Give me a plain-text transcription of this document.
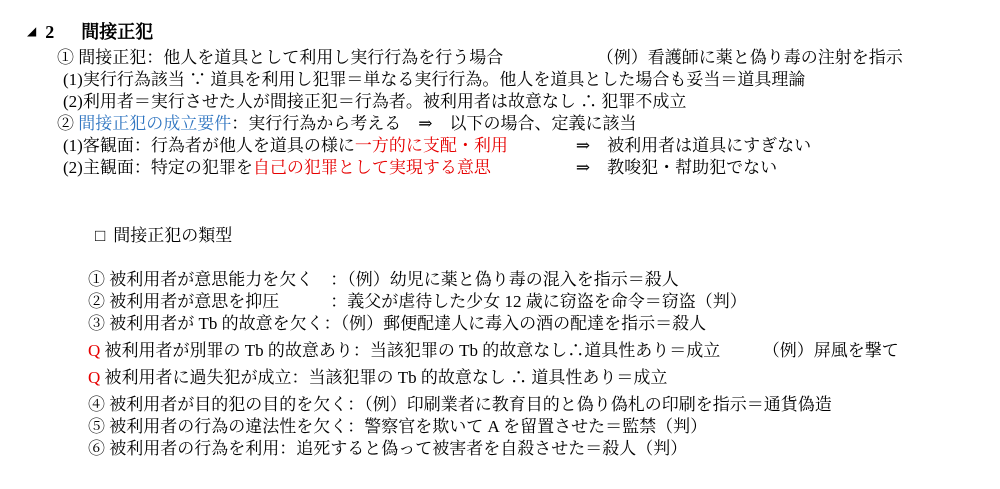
◢ 2 間接正犯
① 間接正犯：他人を道具として利用し実行行為を行う場合　　　　　　（例）看護師に薬と偽り毒の注射を指示
(1)実行行為該当 ∵ 道具を利用し犯罪＝単なる実行行為。他人を道具とした場合も妥当＝道具理論
(2)利用者＝実行させた人が間接正犯＝行為者。被利用者は故意なし ∴ 犯罪不成立
② 間接正犯の成立要件：実行行為から考える　⇒　以下の場合、定義に該当
(1)客観面：行為者が他人を道具の様に一方的に支配・利用　　　　⇒　被利用者は道具にすぎない
(2)主観面：特定の犯罪を自己の犯罪として実現する意思　　　　　⇒　教唆犯・幇助犯でない

□ 間接正犯の類型

① 被利用者が意思能力を欠く　：（例）幼児に薬と偽り毒の混入を指示＝殺人
② 被利用者が意思を抑圧　　　：義父が虐待した少女 12 歳に窃盗を命令＝窃盗（判）
③ 被利用者が Tb 的故意を欠く：（例）郵便配達人に毒入の酒の配達を指示＝殺人
Q 被利用者が別罪の Tb 的故意あり：当該犯罪の Tb 的故意なし∴道具性あり＝成立　　　（例）屏風を撃て
Q 被利用者に過失犯が成立：当該犯罪の Tb 的故意なし ∴ 道具性あり＝成立
④ 被利用者が目的犯の目的を欠く：（例）印刷業者に教育目的と偽り偽札の印刷を指示＝通貨偽造
⑤ 被利用者の行為の違法性を欠く：警察官を欺いて A を留置させた＝監禁（判）
⑥ 被利用者の行為を利用：追死すると偽って被害者を自殺させた＝殺人（判）
